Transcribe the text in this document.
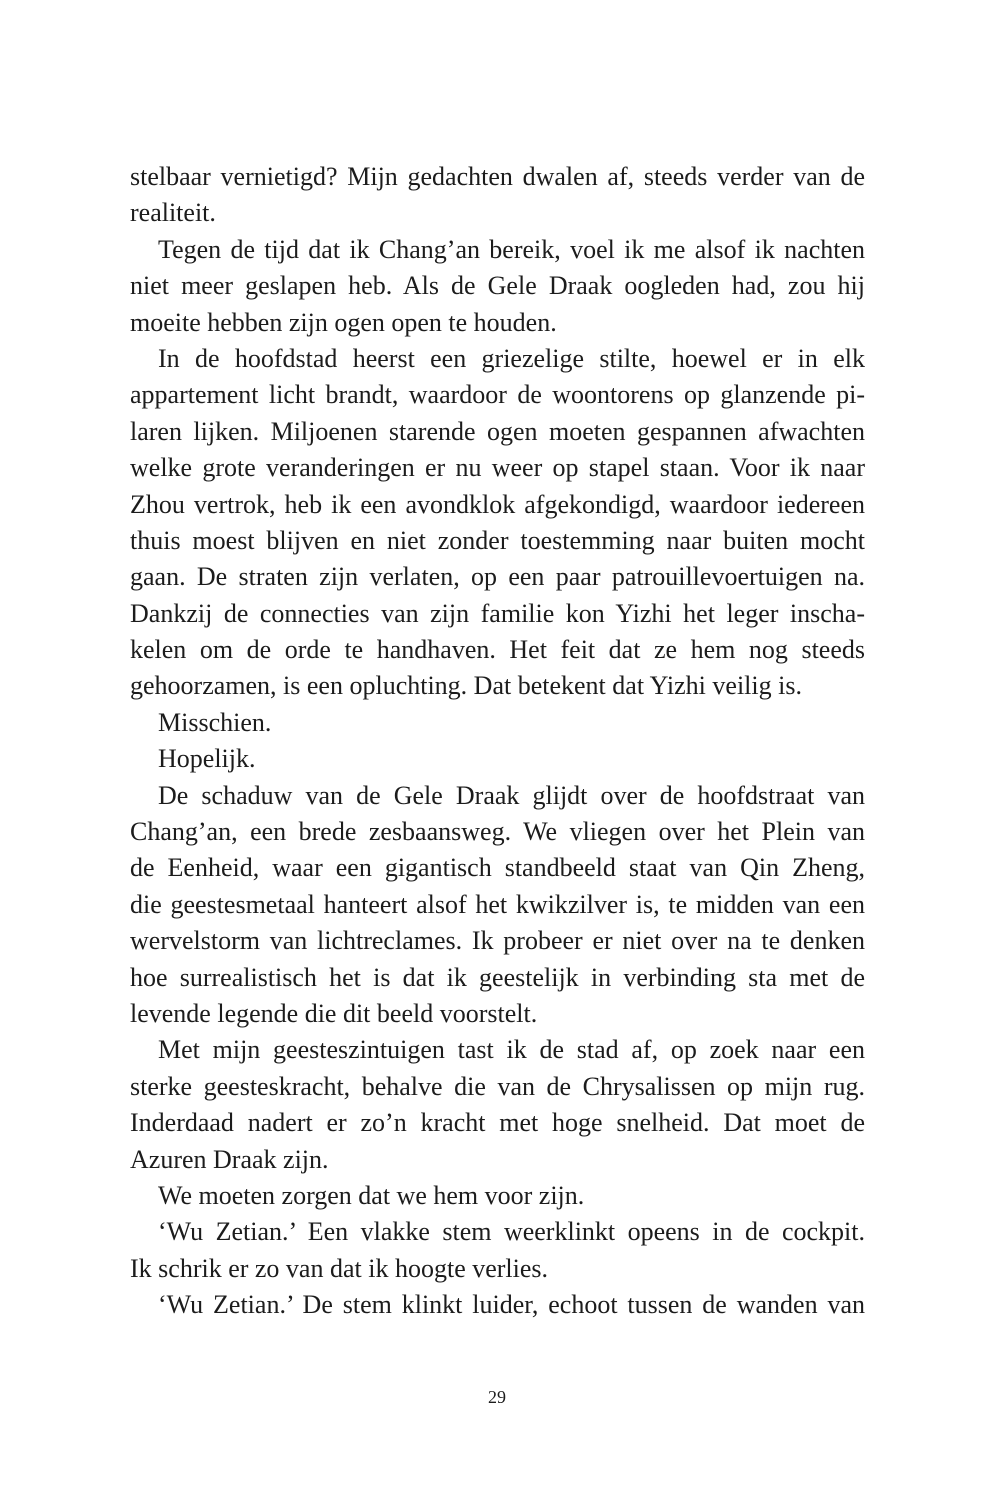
stelbaar vernietigd? Mijn gedachten dwalen af, steeds verder van de
realiteit.
Tegen de tijd dat ik Chang’an bereik, voel ik me alsof ik nachten
niet meer geslapen heb. Als de Gele Draak oogleden had, zou hij
moeite hebben zijn ogen open te houden.
In de hoofdstad heerst een griezelige stilte, hoewel er in elk
appartement licht brandt, waardoor de woontorens op glanzende pi-
laren lijken. Miljoenen starende ogen moeten gespannen afwachten
welke grote veranderingen er nu weer op stapel staan. Voor ik naar
Zhou vertrok, heb ik een avondklok afgekondigd, waardoor iedereen
thuis moest blijven en niet zonder toestemming naar buiten mocht
gaan. De straten zijn verlaten, op een paar patrouillevoertuigen na.
Dankzij de connecties van zijn familie kon Yizhi het leger inscha-
kelen om de orde te handhaven. Het feit dat ze hem nog steeds
gehoorzamen, is een opluchting. Dat betekent dat Yizhi veilig is.
Misschien.
Hopelijk.
De schaduw van de Gele Draak glijdt over de hoofdstraat van
Chang’an, een brede zesbaansweg. We vliegen over het Plein van
de Eenheid, waar een gigantisch standbeeld staat van Qin Zheng,
die geestesmetaal hanteert alsof het kwikzilver is, te midden van een
wervelstorm van lichtreclames. Ik probeer er niet over na te denken
hoe surrealistisch het is dat ik geestelijk in verbinding sta met de
levende legende die dit beeld voorstelt.
Met mijn geesteszintuigen tast ik de stad af, op zoek naar een
sterke geesteskracht, behalve die van de Chrysalissen op mijn rug.
Inderdaad nadert er zo’n kracht met hoge snelheid. Dat moet de
Azuren Draak zijn.
We moeten zorgen dat we hem voor zijn.
‘Wu Zetian.’ Een vlakke stem weerklinkt opeens in de cockpit.
Ik schrik er zo van dat ik hoogte verlies.
‘Wu Zetian.’ De stem klinkt luider, echoot tussen de wanden van
29
